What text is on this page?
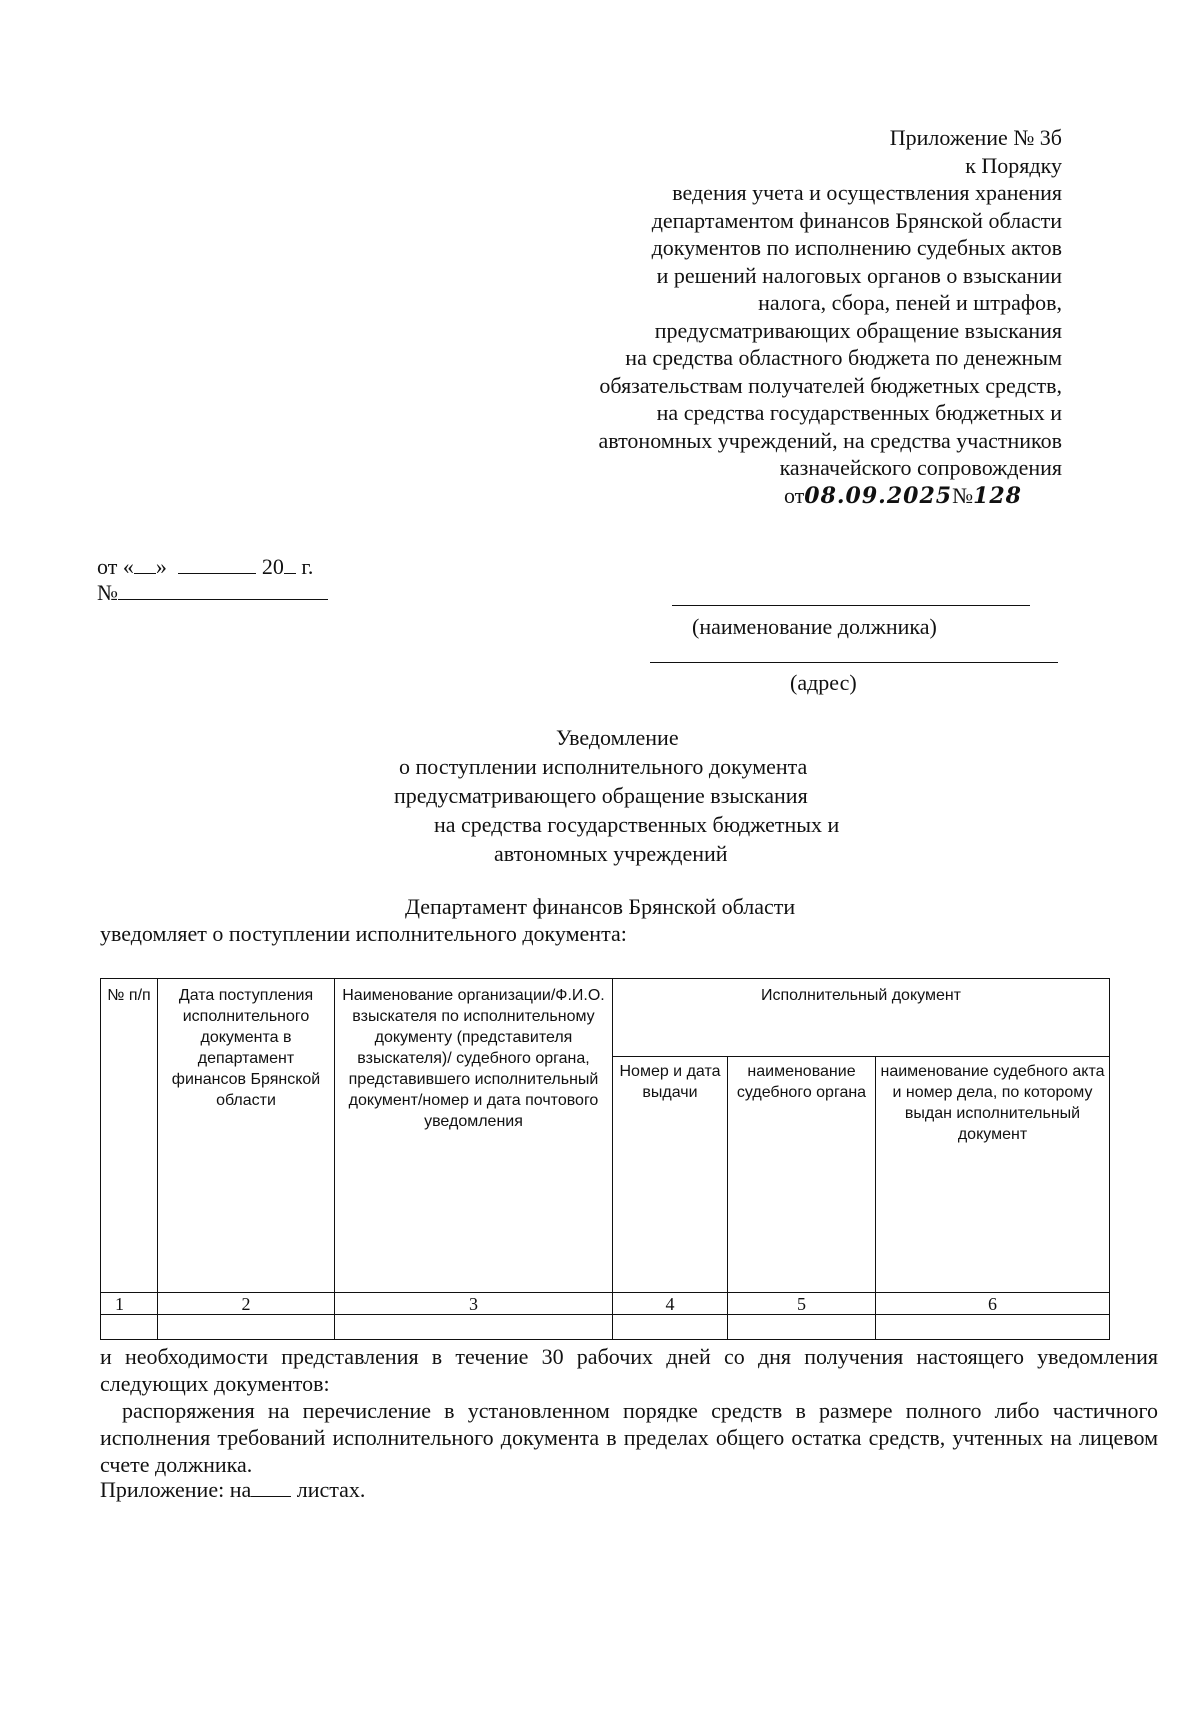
Приложение № 3б
к Порядку
ведения учета и осуществления хранения
департаментом финансов Брянской области
документов по исполнению судебных актов
и решений налоговых органов о взыскании
налога, сбора, пеней и штрафов,
предусматривающих обращение взыскания
на средства областного бюджета по денежным
обязательствам получателей бюджетных средств,
на средства государственных бюджетных и
автономных учреждений, на средства участников
казначейского сопровождения
от08.09.2025№128
от « »	20 г.
№
(наименование должника)
(адрес)
Уведомление
о поступлении исполнительного документа
предусматривающего обращение взыскания
на средства государственных бюджетных и
автономных учреждений
Департамент финансов Брянской области
уведомляет о поступлении исполнительного документа:
№ п/п	Дата поступления исполнительного документа в департамент финансов Брянской области	Наименование организации/Ф.И.О. взыскателя по исполнительному документу (представителя взыскателя)/ судебного органа, представившего исполнительный документ/номер и дата почтового уведомления	Исполнительный документ		
			Номер и дата выдачи	наименование судебного органа	наименование судебного акта и номер дела, по которому выдан исполнительный документ
1	2	3	4	5	6

и необходимости представления в течение 30 рабочих дней со дня получения настоящего уведомления следующих документов:
распоряжения на перечисление в установленном порядке средств в размере полного либо частичного исполнения требований исполнительного документа в пределах общего остатка средств, учтенных на лицевом счете должника.
Приложение: на листах.
